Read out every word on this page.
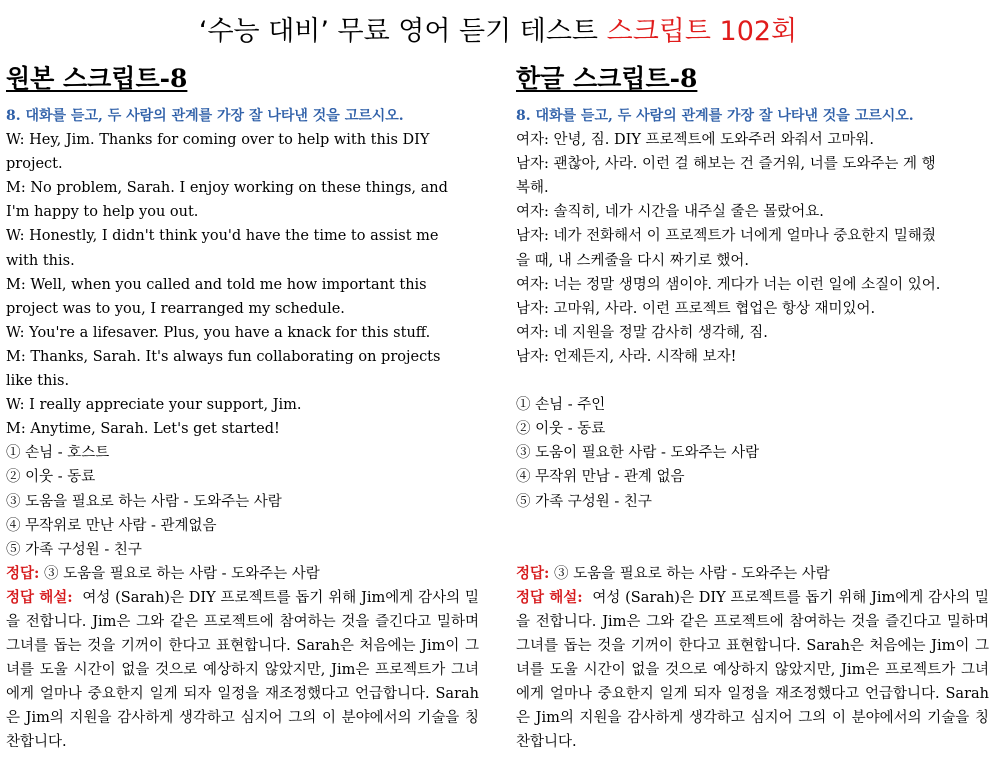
‘수능 대비’ 무료 영어 듣기 테스트 스크립트 102회
원본 스크립트-8

8. 대화를 듣고, 두 사람의 관계를 가장 잘 나타낸 것을 고르시오.

W: Hey, Jim. Thanks for coming over to help with this DIY

project.

M: No problem, Sarah. I enjoy working on these things, and

I'm happy to help you out.

W: Honestly, I didn't think you'd have the time to assist me

with this.

M: Well, when you called and told me how important this

project was to you, I rearranged my schedule.

W: You're a lifesaver. Plus, you have a knack for this stuff.

M: Thanks, Sarah. It's always fun collaborating on projects

like this.

W: I really appreciate your support, Jim.

M: Anytime, Sarah. Let's get started!

① 손님 - 호스트

② 이웃 - 동료

③ 도움을 필요로 하는 사람 - 도와주는 사람

④ 무작위로 만난 사람 - 관계없음

⑤ 가족 구성원 - 친구

정답: ③ 도움을 필요로 하는 사람 - 도와주는 사람

정답 해설: 여성 (Sarah)은 DIY 프로젝트를 돕기 위해 Jim에게 감사의 밀을 전합니다. Jim은 그와 같은 프로젝트에 참여하는 것을 즐긴다고 밀하며 그녀를 돕는 것을 기꺼이 한다고 표현합니다. Sarah은 처음에는 Jim이 그녀를 도울 시간이 없을 것으로 예상하지 않았지만, Jim은 프로젝트가 그녀에게 얼마나 중요한지 일게 되자 일정을 재조정했다고 언급합니다. Sarah은 Jim의 지원을 감사하게 생각하고 심지어 그의 이 분야에서의 기술을 칭찬합니다.

한글 스크립트-8

8. 대화를 듣고, 두 사람의 관계를 가장 잘 나타낸 것을 고르시오.

여자: 안녕, 짐. DIY 프로젝트에 도와주러 와줘서 고마워.

남자: 괜찮아, 사라. 이런 걸 해보는 건 즐거워, 너를 도와주는 게 행

복해.

여자: 솔직히, 네가 시간을 내주실 줄은 몰랐어요.

남자: 네가 전화해서 이 프로젝트가 너에게 얼마나 중요한지 밀해줬

을 때, 내 스케줄을 다시 짜기로 했어.

여자: 너는 정말 생명의 샘이야. 게다가 너는 이런 일에 소질이 있어.

남자: 고마워, 사라. 이런 프로젝트 협업은 항상 재미있어.

여자: 네 지원을 정말 감사히 생각해, 짐.

남자: 언제든지, 사라. 시작해 보자!

① 손님 - 주인

② 이웃 - 동료

③ 도움이 필요한 사람 - 도와주는 사람

④ 무작위 만남 - 관계 없음

⑤ 가족 구성원 - 친구

정답: ③ 도움을 필요로 하는 사람 - 도와주는 사람

정답 해설: 여성 (Sarah)은 DIY 프로젝트를 돕기 위해 Jim에게 감사의 밀을 전합니다. Jim은 그와 같은 프로젝트에 참여하는 것을 즐긴다고 밀하며 그녀를 돕는 것을 기꺼이 한다고 표현합니다. Sarah은 처음에는 Jim이 그녀를 도울 시간이 없을 것으로 예상하지 않았지만, Jim은 프로젝트가 그녀에게 얼마나 중요한지 일게 되자 일정을 재조정했다고 언급합니다. Sarah은 Jim의 지원을 감사하게 생각하고 심지어 그의 이 분야에서의 기술을 칭찬합니다.
